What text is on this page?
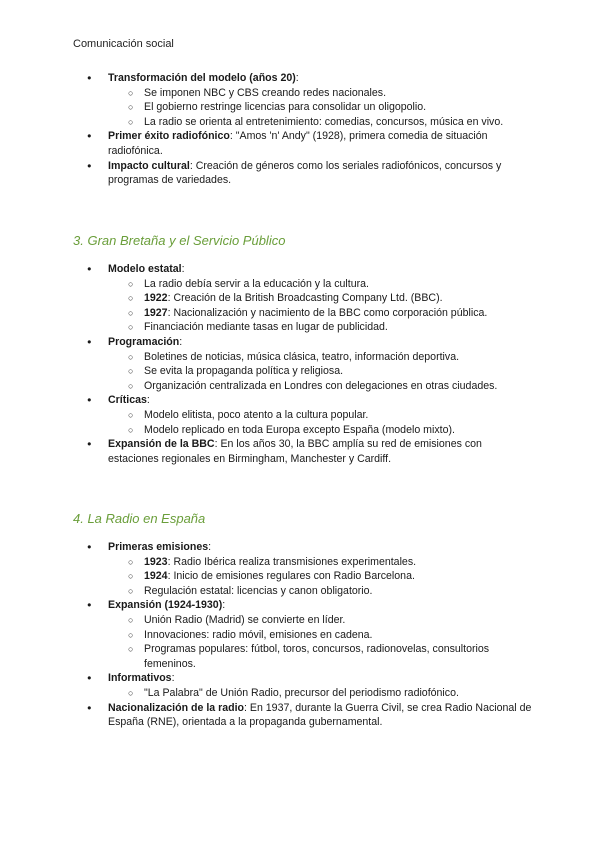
Comunicación social
● Transformación del modelo (años 20):
○ Se imponen NBC y CBS creando redes nacionales.
○ El gobierno restringe licencias para consolidar un oligopolio.
○ La radio se orienta al entretenimiento: comedias, concursos, música en vivo.
● Primer éxito radiofónico: "Amos 'n' Andy" (1928), primera comedia de situación radiofónica.
● Impacto cultural: Creación de géneros como los seriales radiofónicos, concursos y programas de variedades.
3. Gran Bretaña y el Servicio Público
● Modelo estatal:
○ La radio debía servir a la educación y la cultura.
○ 1922: Creación de la British Broadcasting Company Ltd. (BBC).
○ 1927: Nacionalización y nacimiento de la BBC como corporación pública.
○ Financiación mediante tasas en lugar de publicidad.
● Programación:
○ Boletines de noticias, música clásica, teatro, información deportiva.
○ Se evita la propaganda política y religiosa.
○ Organización centralizada en Londres con delegaciones en otras ciudades.
● Críticas:
○ Modelo elitista, poco atento a la cultura popular.
○ Modelo replicado en toda Europa excepto España (modelo mixto).
● Expansión de la BBC: En los años 30, la BBC amplía su red de emisiones con estaciones regionales en Birmingham, Manchester y Cardiff.
4. La Radio en España
● Primeras emisiones:
○ 1923: Radio Ibérica realiza transmisiones experimentales.
○ 1924: Inicio de emisiones regulares con Radio Barcelona.
○ Regulación estatal: licencias y canon obligatorio.
● Expansión (1924-1930):
○ Unión Radio (Madrid) se convierte en líder.
○ Innovaciones: radio móvil, emisiones en cadena.
○ Programas populares: fútbol, toros, concursos, radionovelas, consultorios femeninos.
● Informativos:
○ "La Palabra" de Unión Radio, precursor del periodismo radiofónico.
● Nacionalización de la radio: En 1937, durante la Guerra Civil, se crea Radio Nacional de España (RNE), orientada a la propaganda gubernamental.
